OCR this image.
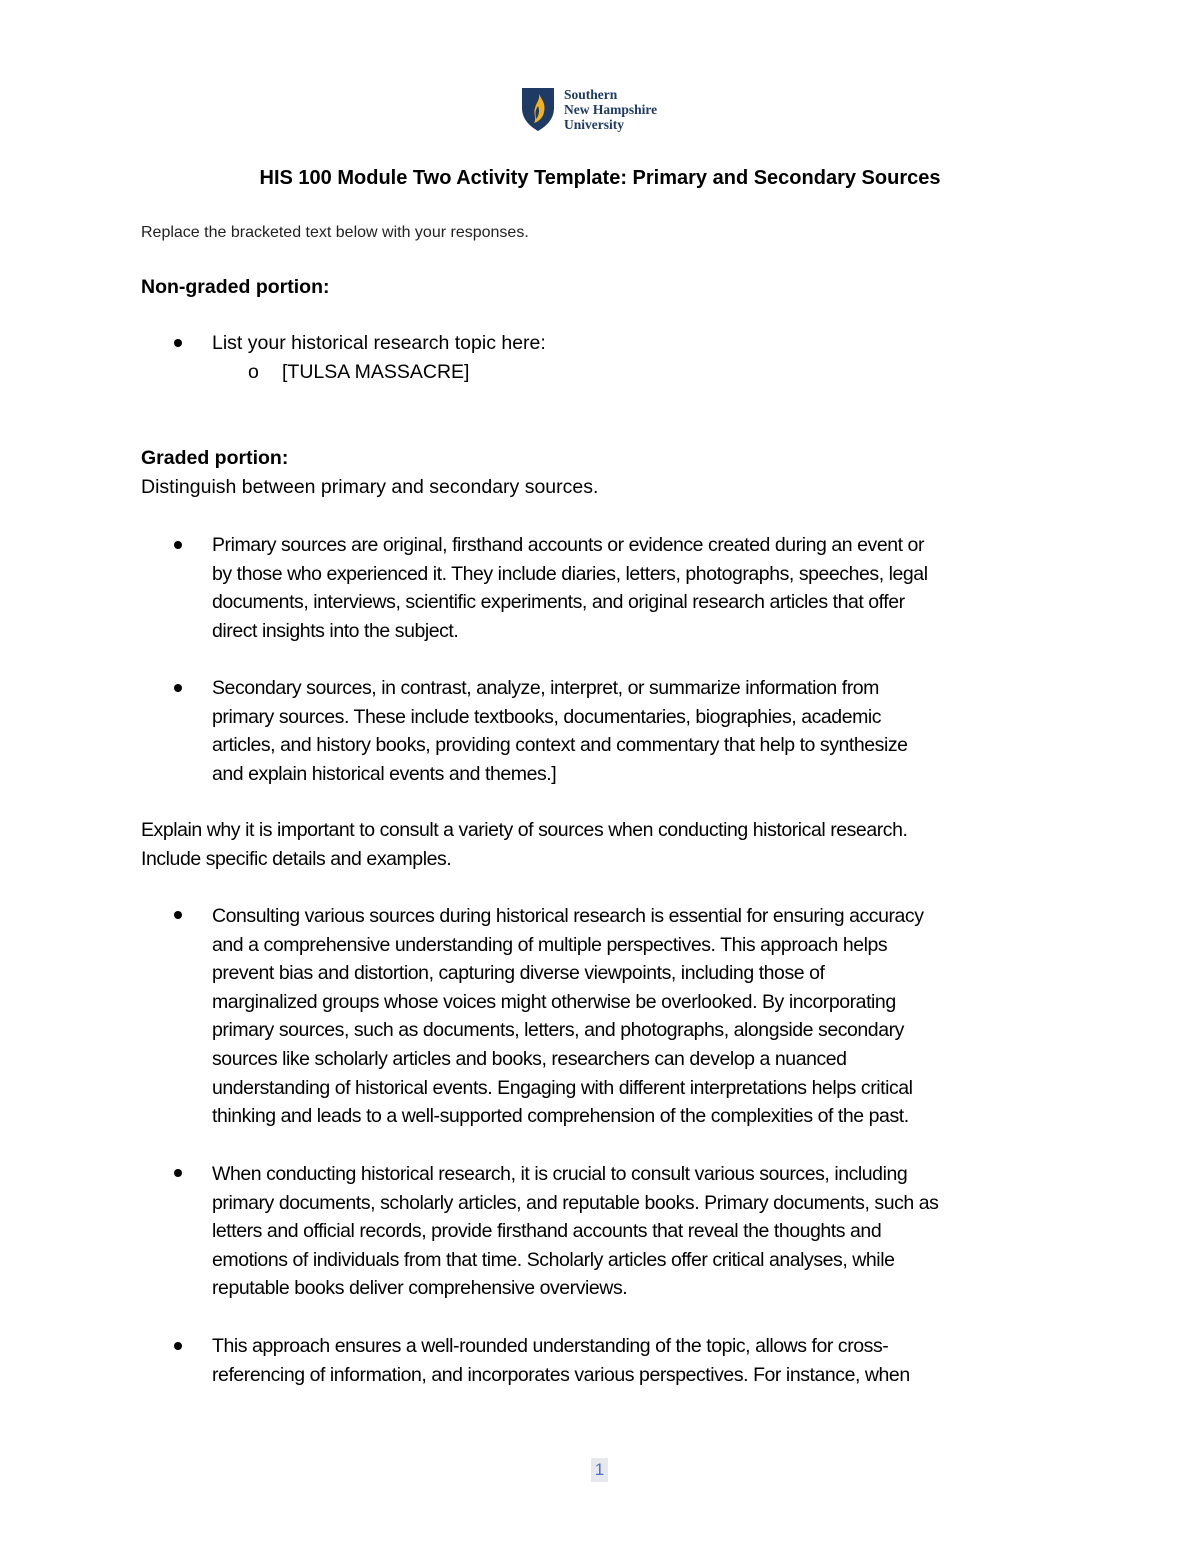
Southern
New Hampshire
University
HIS 100 Module Two Activity Template: Primary and Secondary Sources
Replace the bracketed text below with your responses.
Non-graded portion:
List your historical research topic here:
o [TULSA MASSACRE]
Graded portion:
Distinguish between primary and secondary sources.
Primary sources are original, firsthand accounts or evidence created during an event or
by those who experienced it. They include diaries, letters, photographs, speeches, legal
documents, interviews, scientific experiments, and original research articles that offer
direct insights into the subject.
Secondary sources, in contrast, analyze, interpret, or summarize information from
primary sources. These include textbooks, documentaries, biographies, academic
articles, and history books, providing context and commentary that help to synthesize
and explain historical events and themes.]
Explain why it is important to consult a variety of sources when conducting historical research.
Include specific details and examples.
Consulting various sources during historical research is essential for ensuring accuracy
and a comprehensive understanding of multiple perspectives. This approach helps
prevent bias and distortion, capturing diverse viewpoints, including those of
marginalized groups whose voices might otherwise be overlooked. By incorporating
primary sources, such as documents, letters, and photographs, alongside secondary
sources like scholarly articles and books, researchers can develop a nuanced
understanding of historical events. Engaging with different interpretations helps critical
thinking and leads to a well-supported comprehension of the complexities of the past.
When conducting historical research, it is crucial to consult various sources, including
primary documents, scholarly articles, and reputable books. Primary documents, such as
letters and official records, provide firsthand accounts that reveal the thoughts and
emotions of individuals from that time. Scholarly articles offer critical analyses, while
reputable books deliver comprehensive overviews.
This approach ensures a well-rounded understanding of the topic, allows for cross-
referencing of information, and incorporates various perspectives. For instance, when
1
